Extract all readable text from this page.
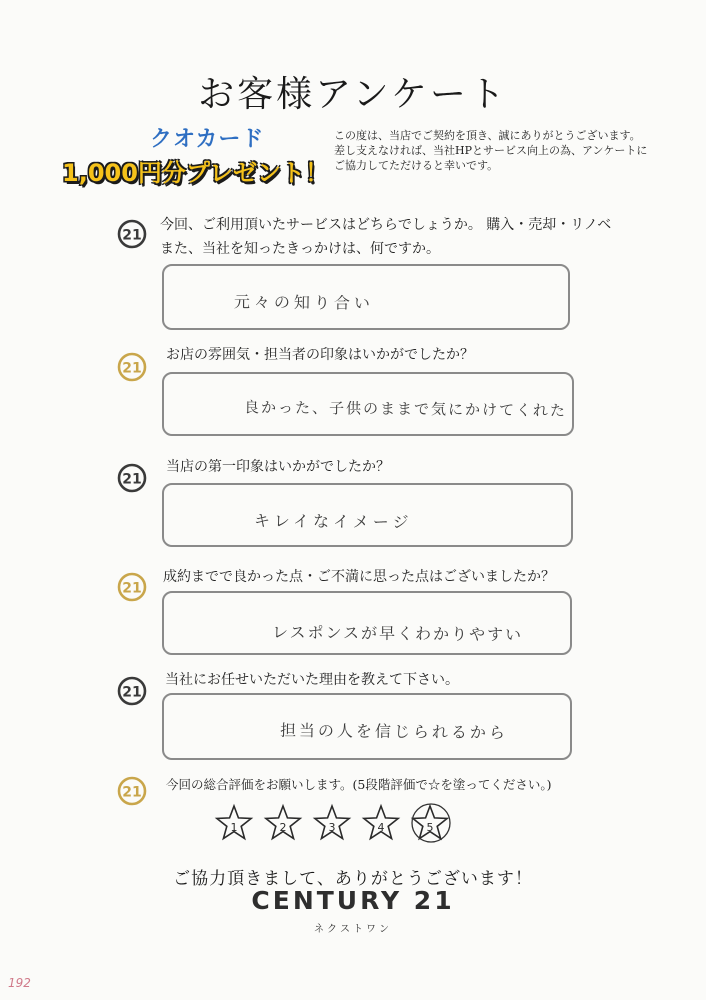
お客様アンケート
クオカード
1,000円分プレゼント！
この度は、当店でご契約を頂き、誠にありがとうございます。
差し支えなければ、当社HPとサービス向上の為、アンケートに
ご協力してただけると幸いです。
21
今回、ご利用頂いたサービスはどちらでしょうか。 購入・売却・リノベ
また、当社を知ったきっかけは、何ですか。
元々の知り合い
21
お店の雰囲気・担当者の印象はいかがでしたか？
良かった、子供のままで気にかけてくれた
21
当店の第一印象はいかがでしたか？
キレイなイメージ
21
成約までで良かった点・ご不満に思った点はございましたか？
レスポンスが早くわかりやすい
21
当社にお任せいただいた理由を教えて下さい。
担当の人を信じられるから
21 今回の総合評価をお願いします。(5段階評価で☆を塗ってください。)
1	2	3	4	5
ご協力頂きまして、ありがとうございます！
CENTURY 21
ネクストワン
192
